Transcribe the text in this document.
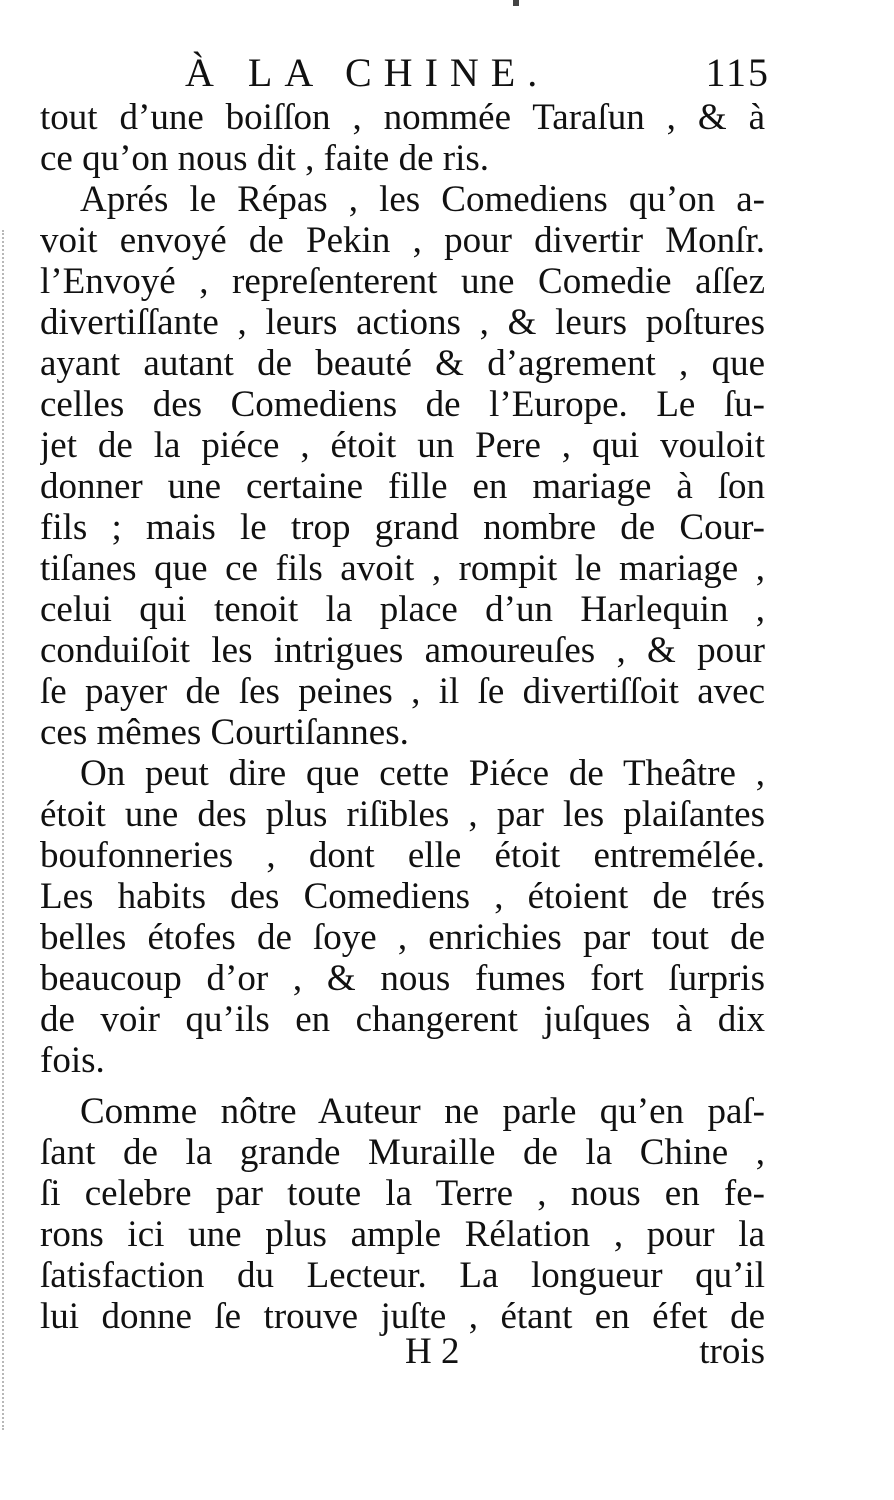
À LA CHINE.	115
tout d’une boiſſon , nommée Taraſun , & à
ce qu’on nous dit , faite de ris.
Aprés le Répas , les Comediens qu’on a-
voit envoyé de Pekin , pour divertir Monſr.
l’Envoyé , repreſenterent une Comedie aſſez
divertiſſante , leurs actions , & leurs poſtures
ayant autant de beauté & d’agrement , que
celles des Comediens de l’Europe. Le ſu-
jet de la piéce , étoit un Pere , qui vouloit
donner une certaine fille en mariage à ſon
fils ; mais le trop grand nombre de Cour-
tiſanes que ce fils avoit , rompit le mariage ,
celui qui tenoit la place d’un Harlequin ,
conduiſoit les intrigues amoureuſes , & pour
ſe payer de ſes peines , il ſe divertiſſoit avec
ces mêmes Courtiſannes.
On peut dire que cette Piéce de Theâtre ,
étoit une des plus riſibles , par les plaiſantes
boufonneries , dont elle étoit entremélée.
Les habits des Comediens , étoient de trés
belles étofes de ſoye , enrichies par tout de
beaucoup d’or , & nous fumes fort ſurpris
de voir qu’ils en changerent juſques à dix
fois.
Comme nôtre Auteur ne parle qu’en paſ-
ſant de la grande Muraille de la Chine ,
ſi celebre par toute la Terre , nous en fe-
rons ici une plus ample Rélation , pour la
ſatisfaction du Lecteur. La longueur qu’il
lui donne ſe trouve juſte , étant en éfet de
H 2	trois
